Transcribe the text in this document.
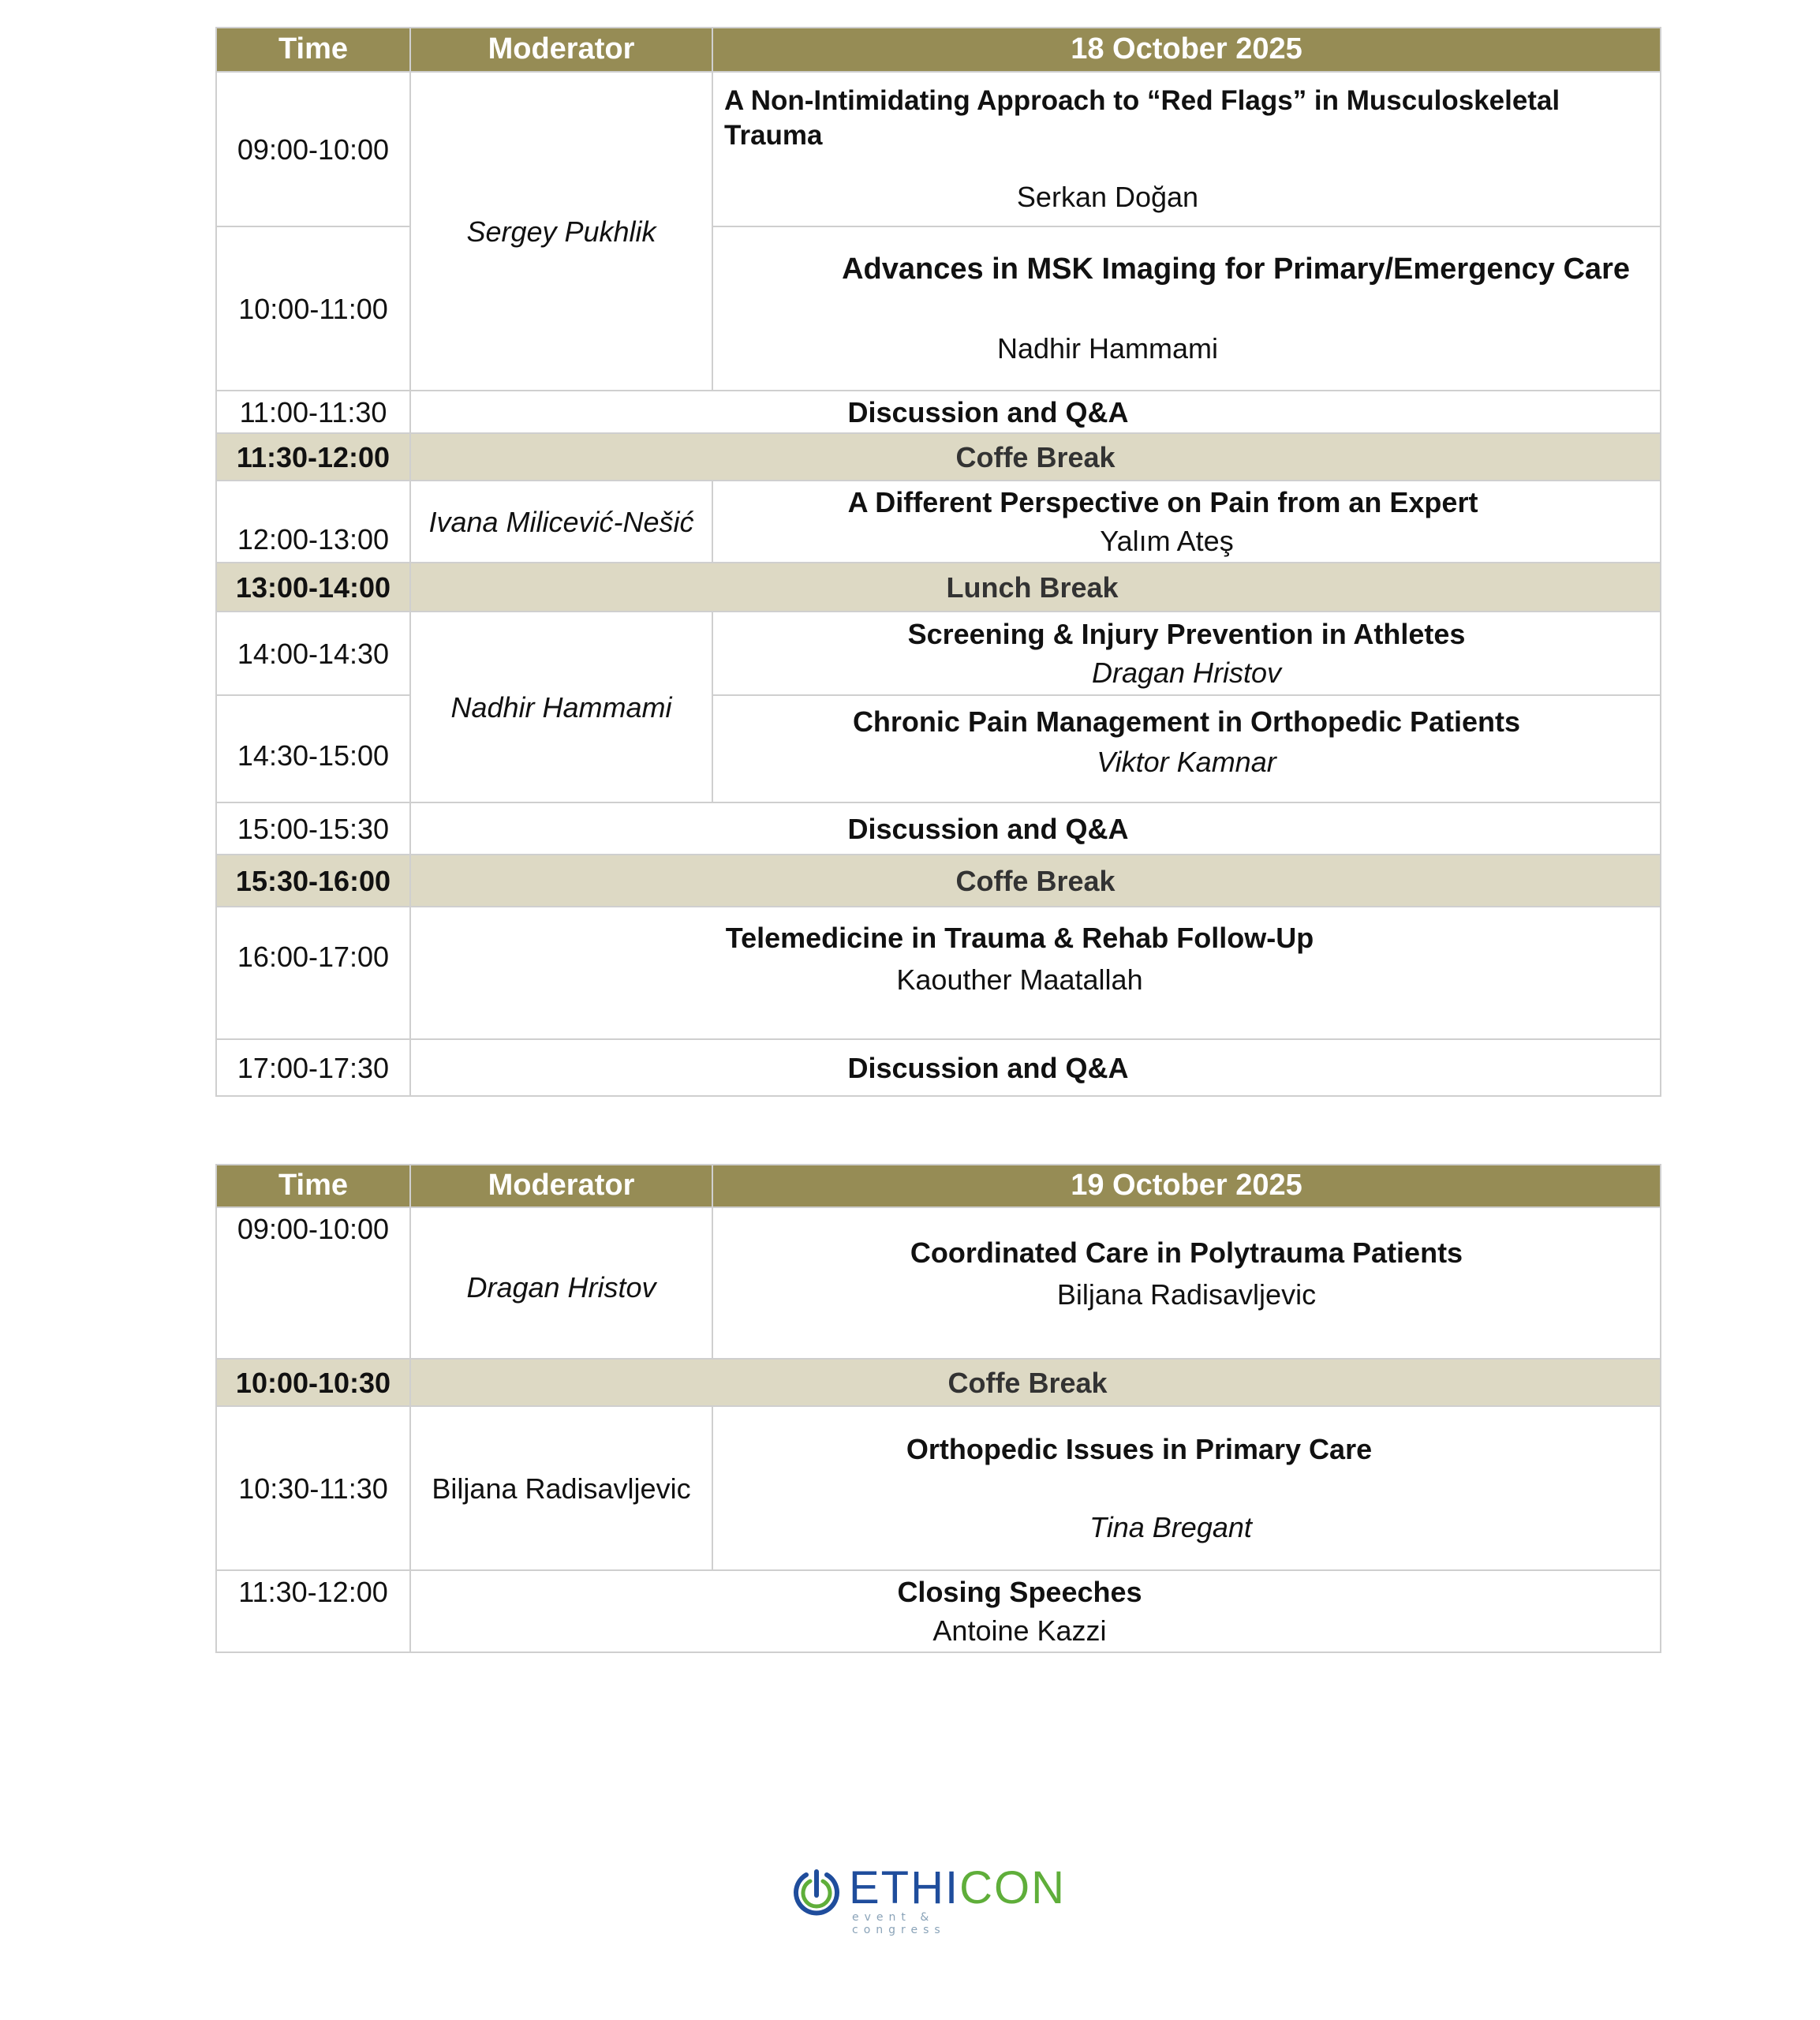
Time	Moderator	18 October 2025
09:00-10:00	Sergey Pukhlik	A Non-Intimidating Approach to “Red Flags” in Musculoskeletal Trauma
Serkan Doğan

10:00-11:00		Advances in MSK Imaging for Primary/Emergency Care
Nadhir Hammami

11:00-11:30	Discussion and Q&A	
11:30-12:00	Coffe Break	
12:00-13:00	Ivana Milicević-Nešić	A Different Perspective on Pain from an Expert
Yalım Ateş

13:00-14:00	Lunch Break	
14:00-14:30	Nadhir Hammami	Screening & Injury Prevention in Athletes
Dragan Hristov

14:30-15:00		Chronic Pain Management in Orthopedic Patients
Viktor Kamnar

15:00-15:30	Discussion and Q&A	
15:30-16:00	Coffe Break	
16:00-17:00	Telemedicine in Trauma & Rehab Follow-Up
Kaouther Maatallah	

17:00-17:30	Discussion and Q&A	
Time	Moderator	19 October 2025
09:00-10:00	Dragan Hristov	Coordinated Care in Polytrauma Patients
Biljana Radisavljevic

10:00-10:30	Coffe Break	
10:30-11:30	Biljana Radisavljevic	Orthopedic Issues in Primary Care
Tina Bregant

11:30-12:00	Closing Speeches
Antoine Kazzi	
ETHICON
event & congress
